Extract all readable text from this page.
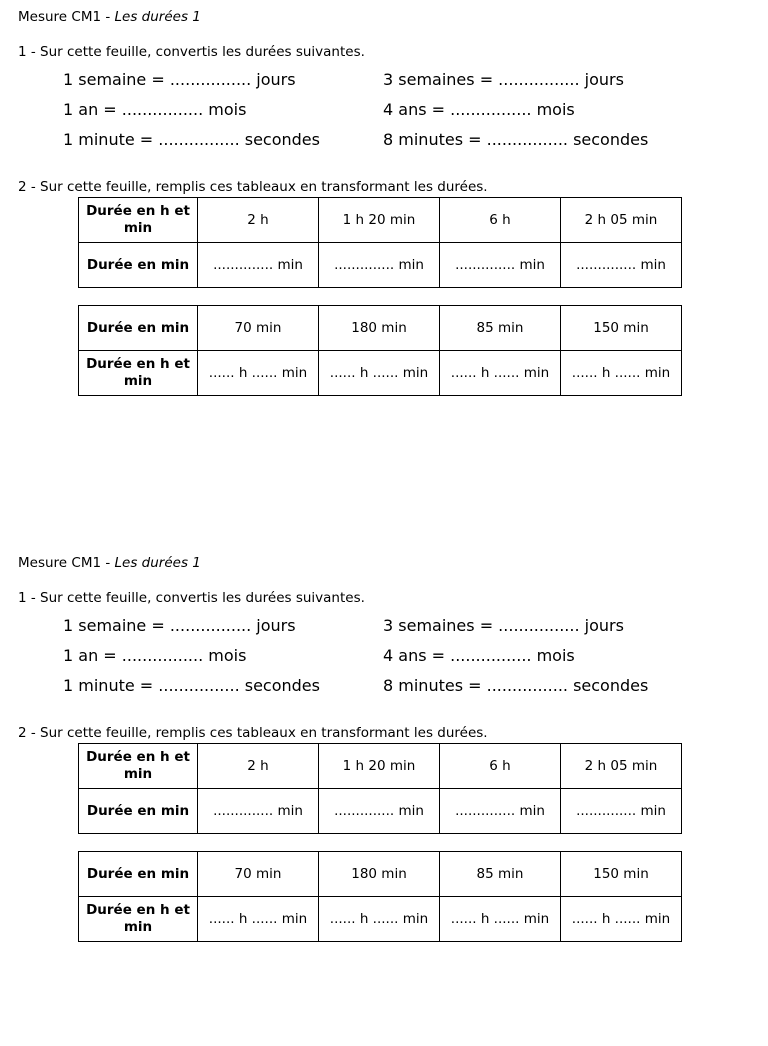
Mesure CM1 - Les durées 1
1 - Sur cette feuille, convertis les durées suivantes.
1 semaine = ................ jours	3 semaines = ................ jours
1 an = ................ mois	4 ans = ................ mois
1 minute = ................ secondes	8 minutes = ................ secondes
2 - Sur cette feuille, remplis ces tableaux en transformant les durées.
Durée en h et min	2 h	1 h 20 min	6 h	2 h 05 min
Durée en min	.............. min	.............. min	.............. min	.............. min
Durée en min	70 min	180 min	85 min	150 min
Durée en h et min	...... h ...... min	...... h ...... min	...... h ...... min	...... h ...... min
Mesure CM1 - Les durées 1
1 - Sur cette feuille, convertis les durées suivantes.
1 semaine = ................ jours	3 semaines = ................ jours
1 an = ................ mois	4 ans = ................ mois
1 minute = ................ secondes	8 minutes = ................ secondes
2 - Sur cette feuille, remplis ces tableaux en transformant les durées.
Durée en h et min	2 h	1 h 20 min	6 h	2 h 05 min
Durée en min	.............. min	.............. min	.............. min	.............. min
Durée en min	70 min	180 min	85 min	150 min
Durée en h et min	...... h ...... min	...... h ...... min	...... h ...... min	...... h ...... min
